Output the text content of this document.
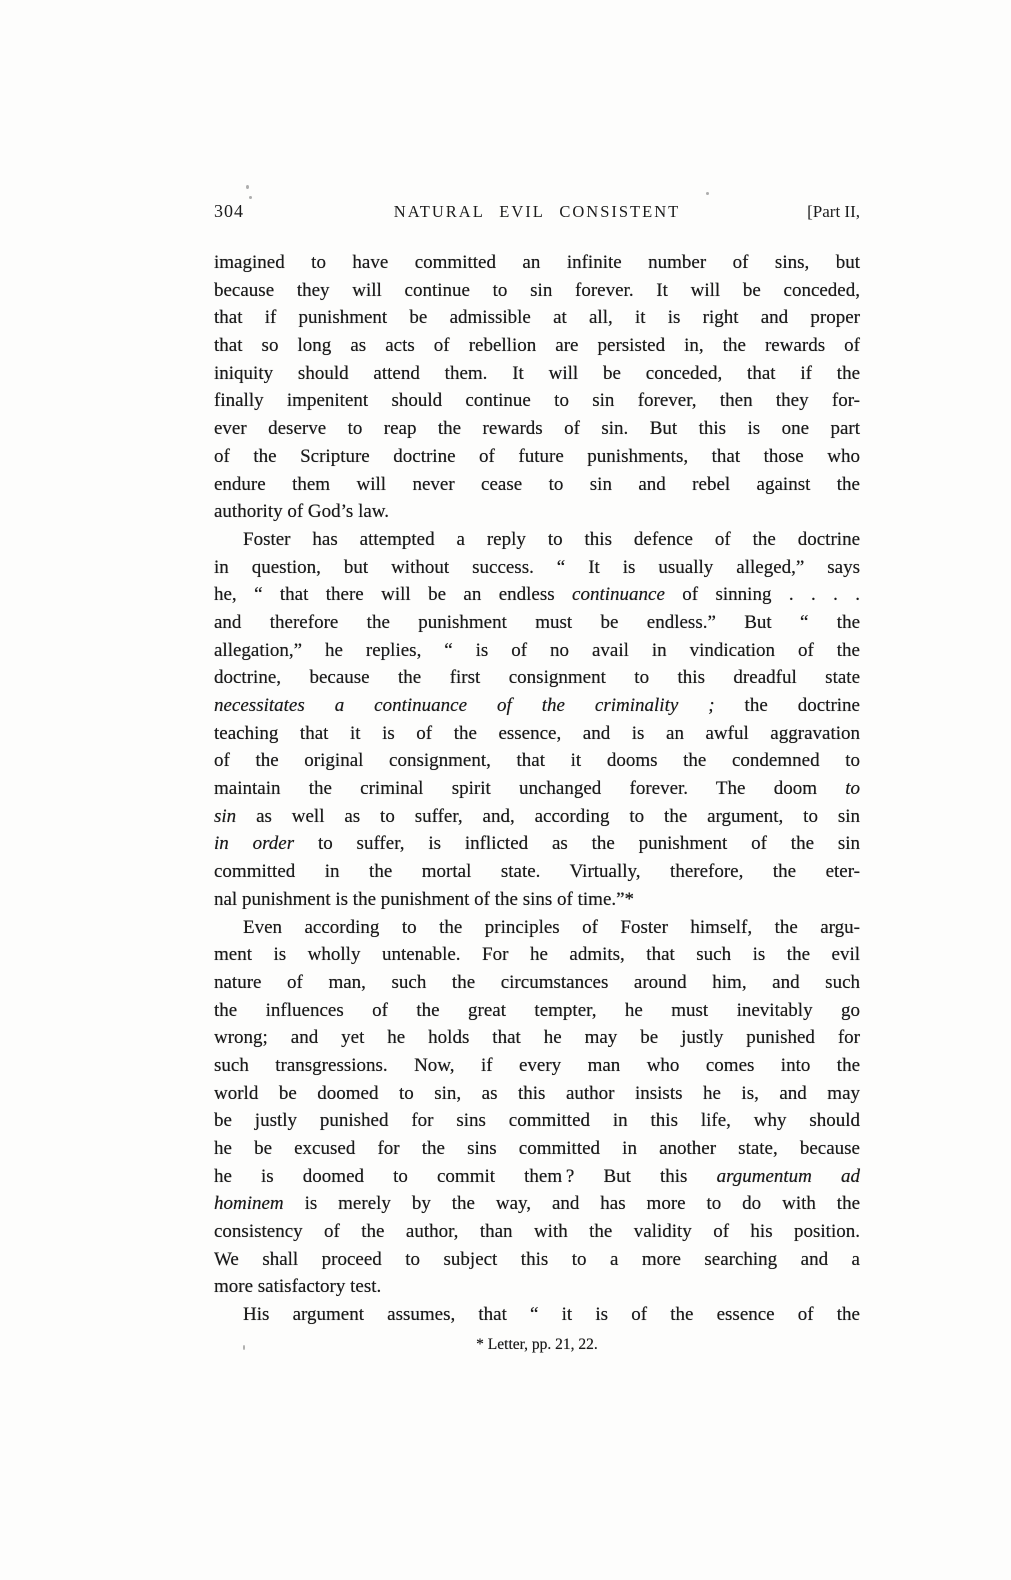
304	NATURAL EVIL CONSISTENT	[Part II,
imagined to have committed an infinite number of sins, but
because they will continue to sin forever. It will be conceded,
that if punishment be admissible at all, it is right and proper
that so long as acts of rebellion are persisted in, the rewards of
iniquity should attend them. It will be conceded, that if the
finally impenitent should continue to sin forever, then they for-
ever deserve to reap the rewards of sin. But this is one part
of the Scripture doctrine of future punishments, that those who
endure them will never cease to sin and rebel against the
authority of God’s law.
Foster has attempted a reply to this defence of the doctrine
in question, but without success. “ It is usually alleged,” says
he, “ that there will be an endless continuance of sinning . . . .
and therefore the punishment must be endless.” But “ the
allegation,” he replies, “ is of no avail in vindication of the
doctrine, because the first consignment to this dreadful state
necessitates a continuance of the criminality ; the doctrine
teaching that it is of the essence, and is an awful aggravation
of the original consignment, that it dooms the condemned to
maintain the criminal spirit unchanged forever. The doom to
sin as well as to suffer, and, according to the argument, to sin
in order to suffer, is inflicted as the punishment of the sin
committed in the mortal state. Virtually, therefore, the eter-
nal punishment is the punishment of the sins of time.”*
Even according to the principles of Foster himself, the argu-
ment is wholly untenable. For he admits, that such is the evil
nature of man, such the circumstances around him, and such
the influences of the great tempter, he must inevitably go
wrong; and yet he holds that he may be justly punished for
such transgressions. Now, if every man who comes into the
world be doomed to sin, as this author insists he is, and may
be justly punished for sins committed in this life, why should
he be excused for the sins committed in another state, because
he is doomed to commit them ? But this argumentum ad
hominem is merely by the way, and has more to do with the
consistency of the author, than with the validity of his position.
We shall proceed to subject this to a more searching and a
more satisfactory test.
His argument assumes, that “ it is of the essence of the
* Letter, pp. 21, 22.
